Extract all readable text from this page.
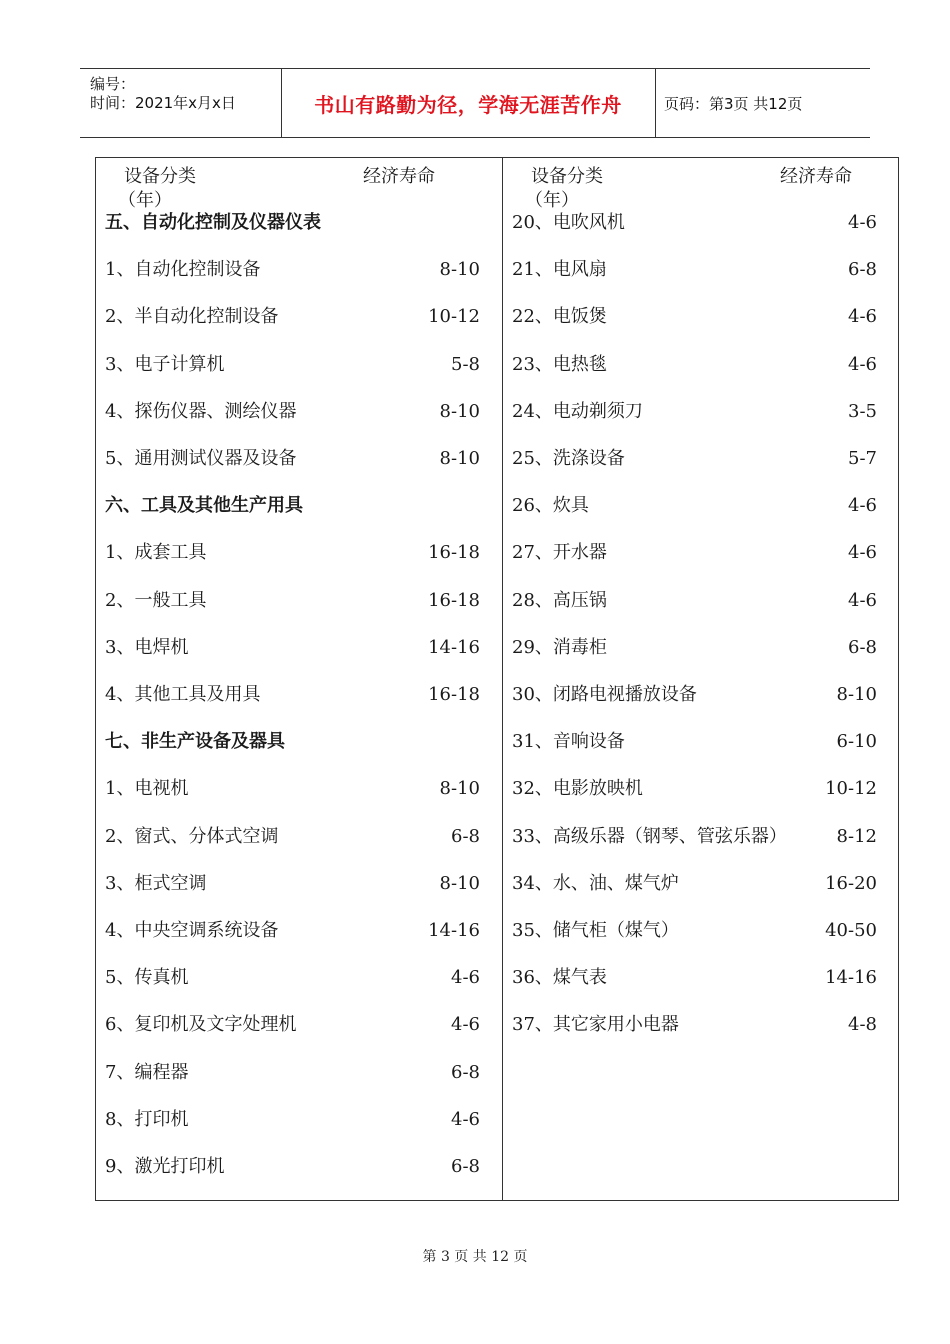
编号：
时间：2021年x月x日	书山有路勤为径，学海无涯苦作舟	页码：第3页 共12页
设备分类	经济寿命
（年）
五、自动化控制及仪器仪表
1、自动化控制设备	8-10
2、半自动化控制设备	10-12
3、电子计算机	5-8
4、探伤仪器、测绘仪器	8-10
5、通用测试仪器及设备	8-10
六、工具及其他生产用具
1、成套工具	16-18
2、一般工具	16-18
3、电焊机	14-16
4、其他工具及用具	16-18
七、非生产设备及器具
1、电视机	8-10
2、窗式、分体式空调	6-8
3、柜式空调	8-10
4、中央空调系统设备	14-16
5、传真机	4-6
6、复印机及文字处理机	4-6
7、编程器	6-8
8、打印机	4-6
9、激光打印机	6-8
设备分类	经济寿命
（年）
20、电吹风机	4-6
21、电风扇	6-8
22、电饭煲	4-6
23、电热毯	4-6
24、电动剃须刀	3-5
25、洗涤设备	5-7
26、炊具	4-6
27、开水器	4-6
28、高压锅	4-6
29、消毒柜	6-8
30、闭路电视播放设备	8-10
31、音响设备	6-10
32、电影放映机	10-12
33、高级乐器（钢琴、管弦乐器）	8-12
34、水、油、煤气炉	16-20
35、储气柜（煤气）	40-50
36、煤气表	14-16
37、其它家用小电器	4-8
第 3 页 共 12 页
